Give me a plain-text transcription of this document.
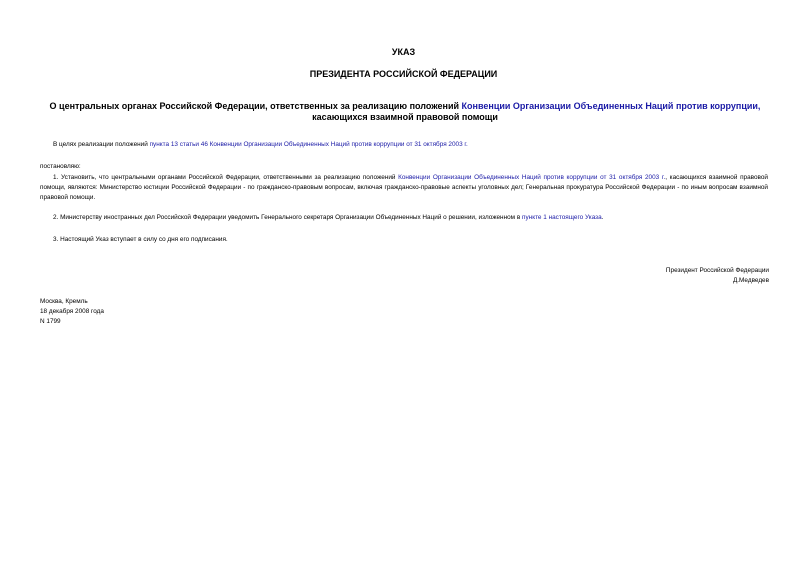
УКАЗ
ПРЕЗИДЕНТА РОССИЙСКОЙ ФЕДЕРАЦИИ
О центральных органах Российской Федерации, ответственных за реализацию положений Конвенции Организации Объединенных Наций против коррупции, касающихся взаимной правовой помощи
В целях реализации положений пункта 13 статьи 46 Конвенции Организации Объединенных Наций против коррупции от 31 октября 2003 г.
постановляю:
1. Установить, что центральными органами Российской Федерации, ответственными за реализацию положений Конвенции Организации Объединенных Наций против коррупции от 31 октября 2003 г., касающихся взаимной правовой помощи, являются: Министерство юстиции Российской Федерации - по гражданско-правовым вопросам, включая гражданско-правовые аспекты уголовных дел; Генеральная прокуратура Российской Федерации - по иным вопросам взаимной правовой помощи.
2. Министерству иностранных дел Российской Федерации уведомить Генерального секретаря Организации Объединенных Наций о решении, изложенном в пункте 1 настоящего Указа.
3. Настоящий Указ вступает в силу со дня его подписания.
Президент Российской Федерации
Д.Медведев
Москва, Кремль
18 декабря 2008 года
N 1799
